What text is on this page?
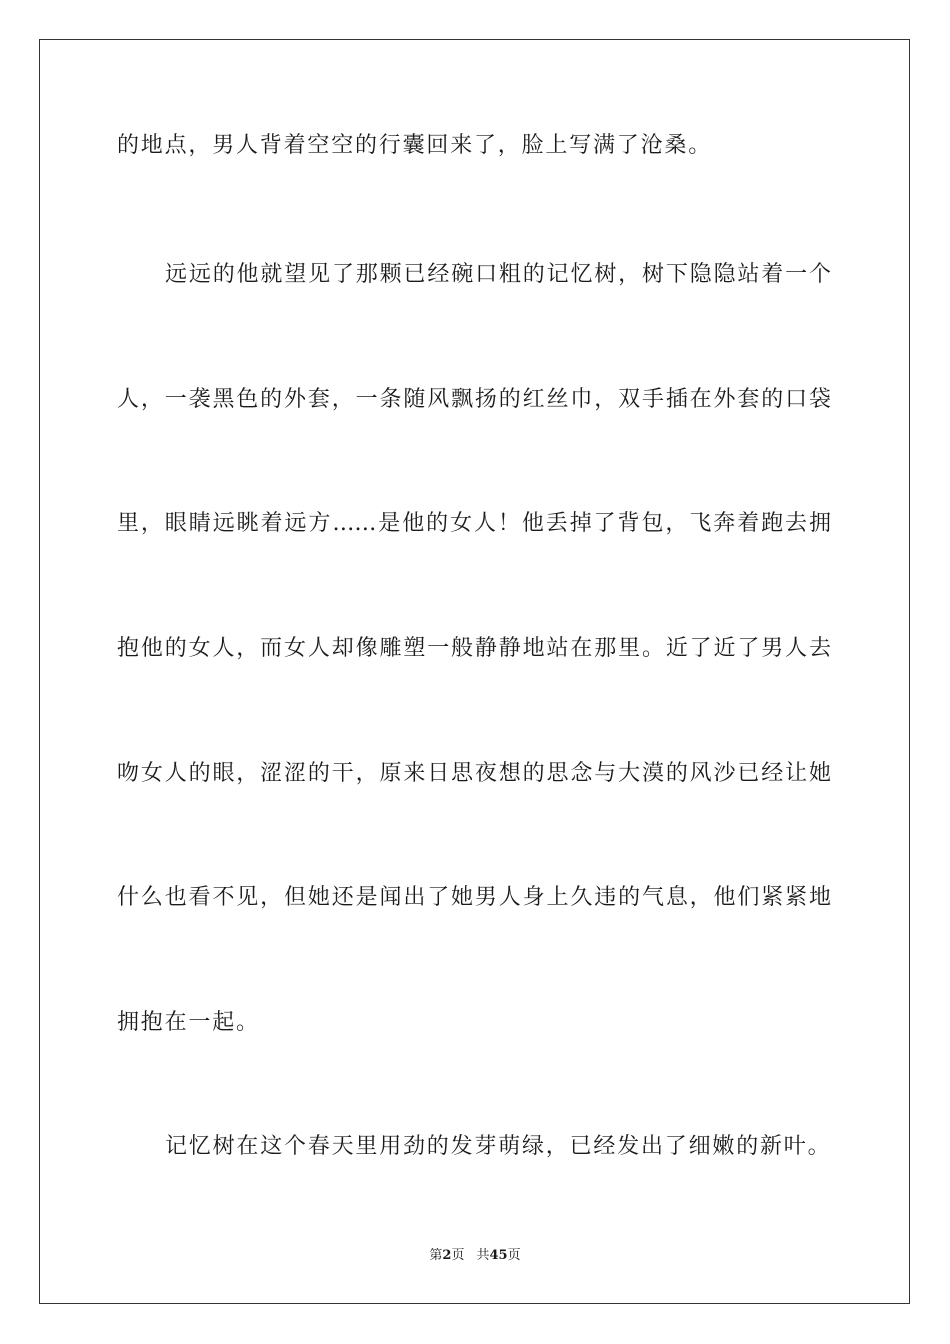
的地点，男人背着空空的行囊回来了，脸上写满了沧桑。
远远的他就望见了那颗已经碗口粗的记忆树，树下隐隐站着一个
人，一袭黑色的外套，一条随风飘扬的红丝巾，双手插在外套的口袋
里，眼睛远眺着远方……是他的女人！他丢掉了背包，飞奔着跑去拥
抱他的女人，而女人却像雕塑一般静静地站在那里。近了近了男人去
吻女人的眼，涩涩的干，原来日思夜想的思念与大漠的风沙已经让她
什么也看不见，但她还是闻出了她男人身上久违的气息，他们紧紧地
拥抱在一起。
记忆树在这个春天里用劲的发芽萌绿，已经发出了细嫩的新叶。
第2页 共45页
